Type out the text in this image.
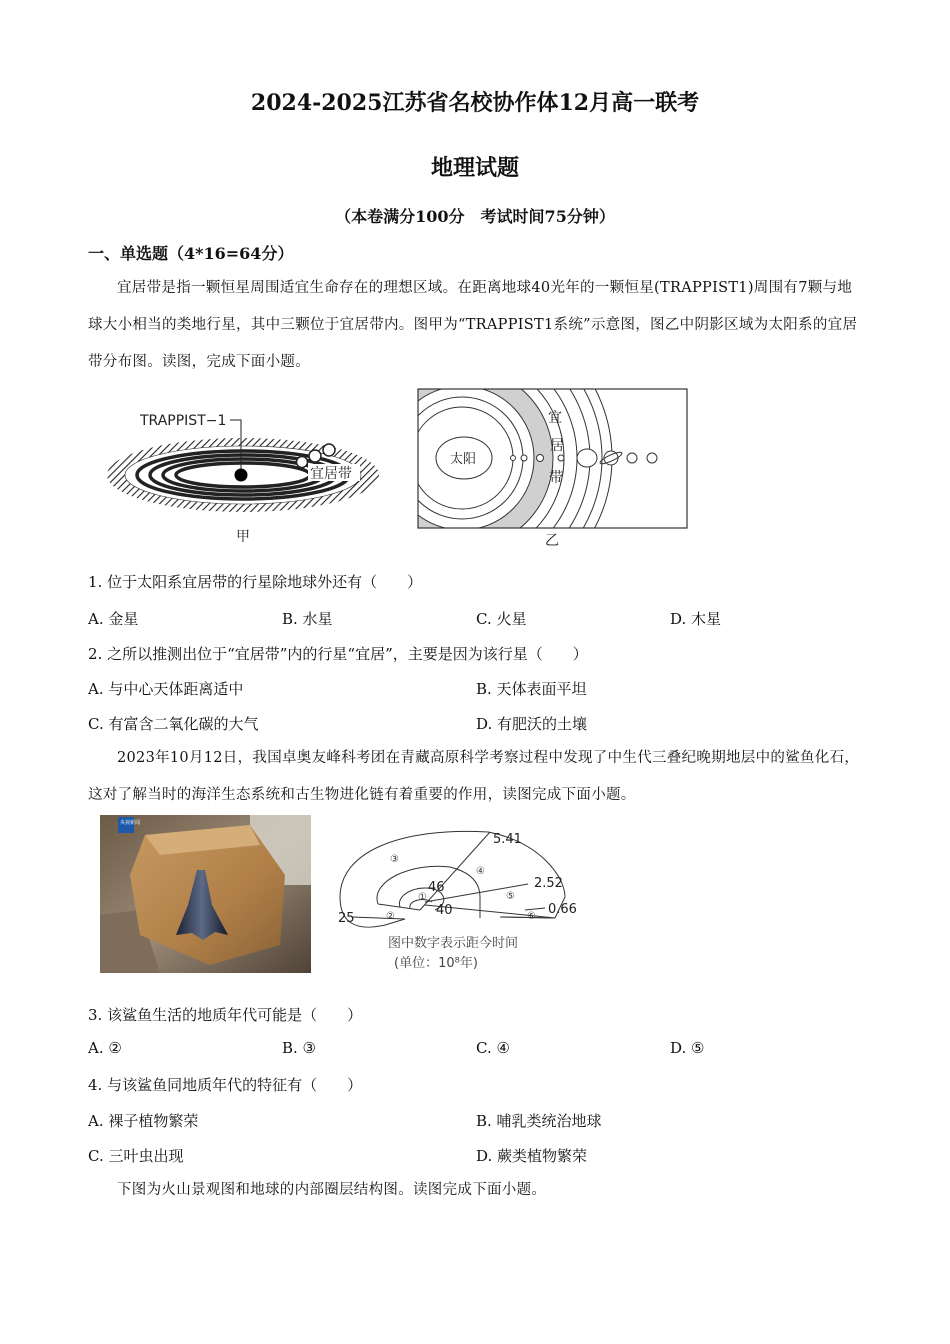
2024-2025江苏省名校协作体12月高一联考
地理试题
（本卷满分100分　考试时间75分钟）
一、单选题（4*16=64分）
宜居带是指一颗恒星周围适宜生命存在的理想区域。在距离地球40光年的一颗恒星(TRAPPIST1)周围有7颗与地球大小相当的类地行星，其中三颗位于宜居带内。图甲为“TRAPPIST1系统”示意图，图乙中阴影区域为太阳系的宜居带分布图。读图，完成下面小题。
TRAPPIST−1
宜居带
甲
太阳
宜
居
带
乙
1. 位于太阳系宜居带的行星除地球外还有（　　）
A. 金星	B. 水星	C. 火星	D. 木星
2. 之所以推测出位于“宜居带”内的行星“宜居”，主要是因为该行星（　　）
A. 与中心天体距离适中	B. 天体表面平坦
C. 有富含二氧化碳的大气	D. 有肥沃的土壤
2023年10月12日，我国卓奥友峰科考团在青藏高原科学考察过程中发现了中生代三叠纪晚期地层中的鲨鱼化石，这对了解当时的海洋生态系统和古生物进化链有着重要的作用，读图完成下面小题。
央视新闻
③
④
⑤
⑥
①
②
5.41
2.52
0.66
46
40
25
图中数字表示距今时间
(单位：10⁸年)
3. 该鲨鱼生活的地质年代可能是（　　）
A. ②	B. ③	C. ④	D. ⑤
4. 与该鲨鱼同地质年代的特征有（　　）
A. 裸子植物繁荣	B. 哺乳类统治地球
C. 三叶虫出现	D. 蕨类植物繁荣
下图为火山景观图和地球的内部圈层结构图。读图完成下面小题。
